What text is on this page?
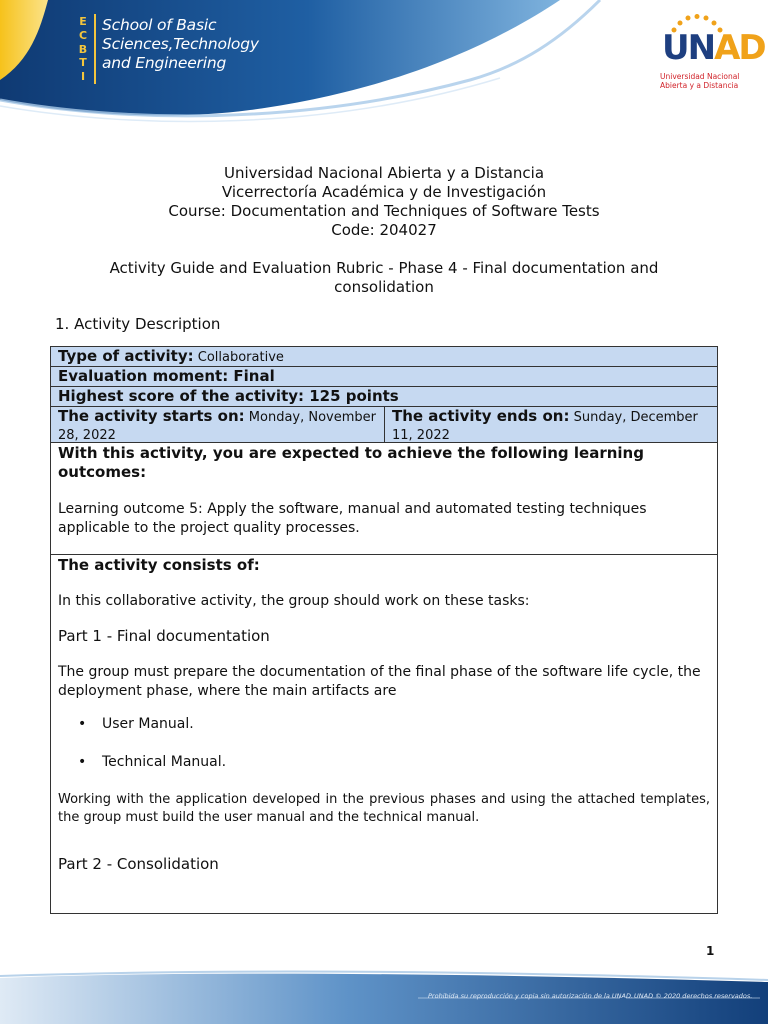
E
C
B
T
I
School of Basic
Sciences,Technology
and Engineering	UNAD
Universidad Nacional
Abierta y a Distancia
Universidad Nacional Abierta y a Distancia
Vicerrectoría Académica y de Investigación
Course: Documentation and Techniques of Software Tests
Code: 204027
Activity Guide and Evaluation Rubric - Phase 4 - Final documentation and consolidation
1. Activity Description
Type of activity: Collaborative
Evaluation moment: Final
Highest score of the activity: 125 points
The activity starts on: Monday, November 28, 2022
The activity ends on: Sunday, December 11, 2022
With this activity, you are expected to achieve the following learning outcomes:
Learning outcome 5: Apply the software, manual and automated testing techniques applicable to the project quality processes.
The activity consists of:
In this collaborative activity, the group should work on these tasks:
Part 1 - Final documentation
The group must prepare the documentation of the final phase of the software life cycle, the deployment phase, where the main artifacts are
• User Manual.
• Technical Manual.
Working with the application developed in the previous phases and using the attached templates, the group must build the user manual and the technical manual.
Part 2 - Consolidation
1
Prohibida su reproducción y copia sin autorización de la UNAD. UNAD © 2020 derechos reservados.
